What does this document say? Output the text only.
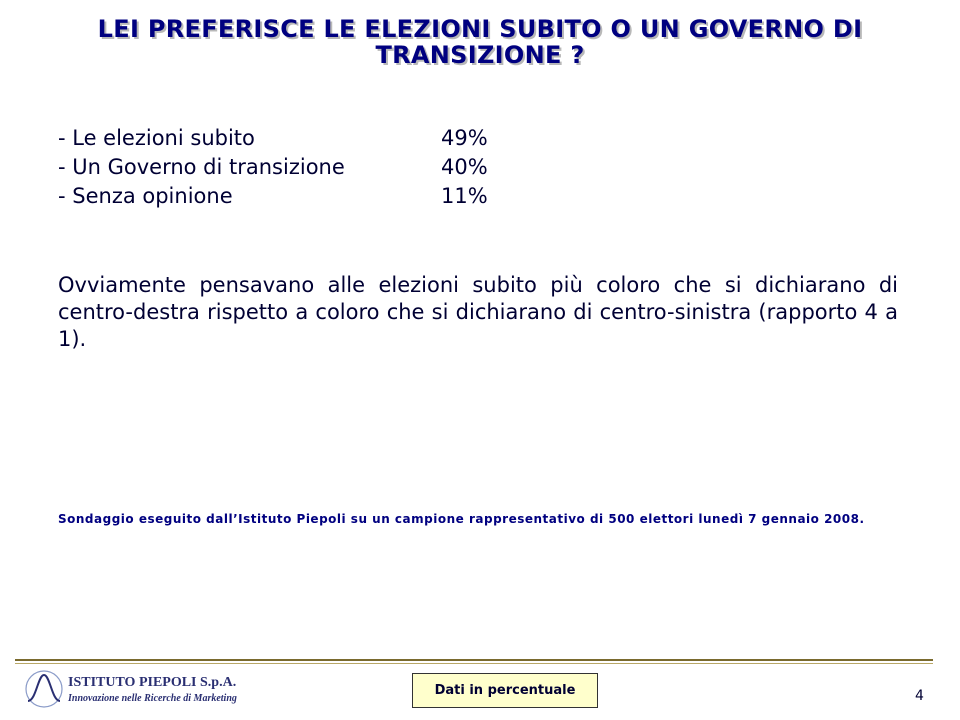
LEI PREFERISCE LE ELEZIONI SUBITO O UN GOVERNO DI TRANSIZIONE ?
- Le elezioni subito	49%
- Un Governo di transizione	40%
- Senza opinione	11%
Ovviamente pensavano alle elezioni subito più coloro che si dichiarano di centro-destra rispetto a coloro che si dichiarano di centro-sinistra (rapporto 4 a 1).
Sondaggio eseguito dall’Istituto Piepoli su un campione rappresentativo di 500 elettori lunedì 7 gennaio 2008.
ISTITUTO PIEPOLI S.p.A.
Innovazione nelle Ricerche di Marketing
Dati in percentuale	4
